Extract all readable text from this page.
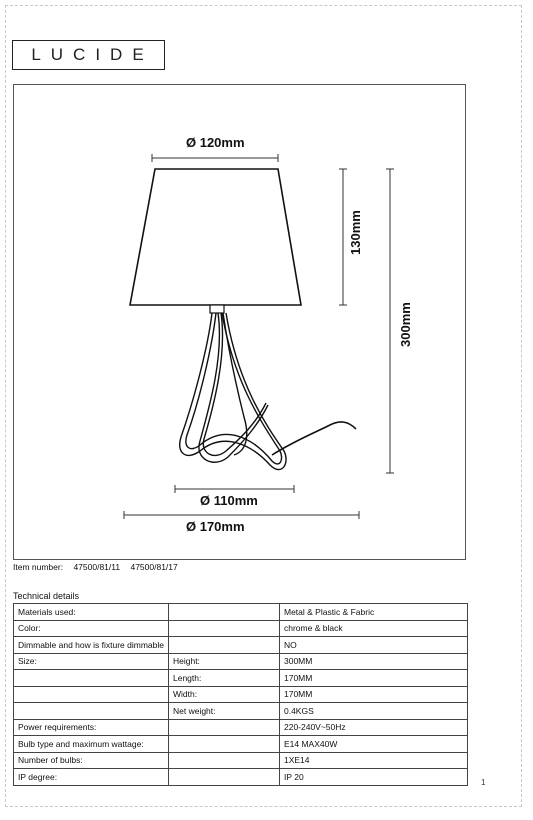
LUCIDE
Ø 120mm
130mm
300mm
Ø 110mm
Ø 170mm
Item number: 47500/81/11 47500/81/17
Technical details
Materials used:		Metal & Plastic & Fabric
Color:		chrome & black
Dimmable and how is fixture dimmable		NO
Size:	Height:	300MM
	Length:	170MM
	Width:	170MM
	Net weight:	0.4KGS
Power requirements:		220-240V~50Hz
Bulb type and maximum wattage:		E14 MAX40W
Number of bulbs:		1XE14
IP degree:		IP 20
1
